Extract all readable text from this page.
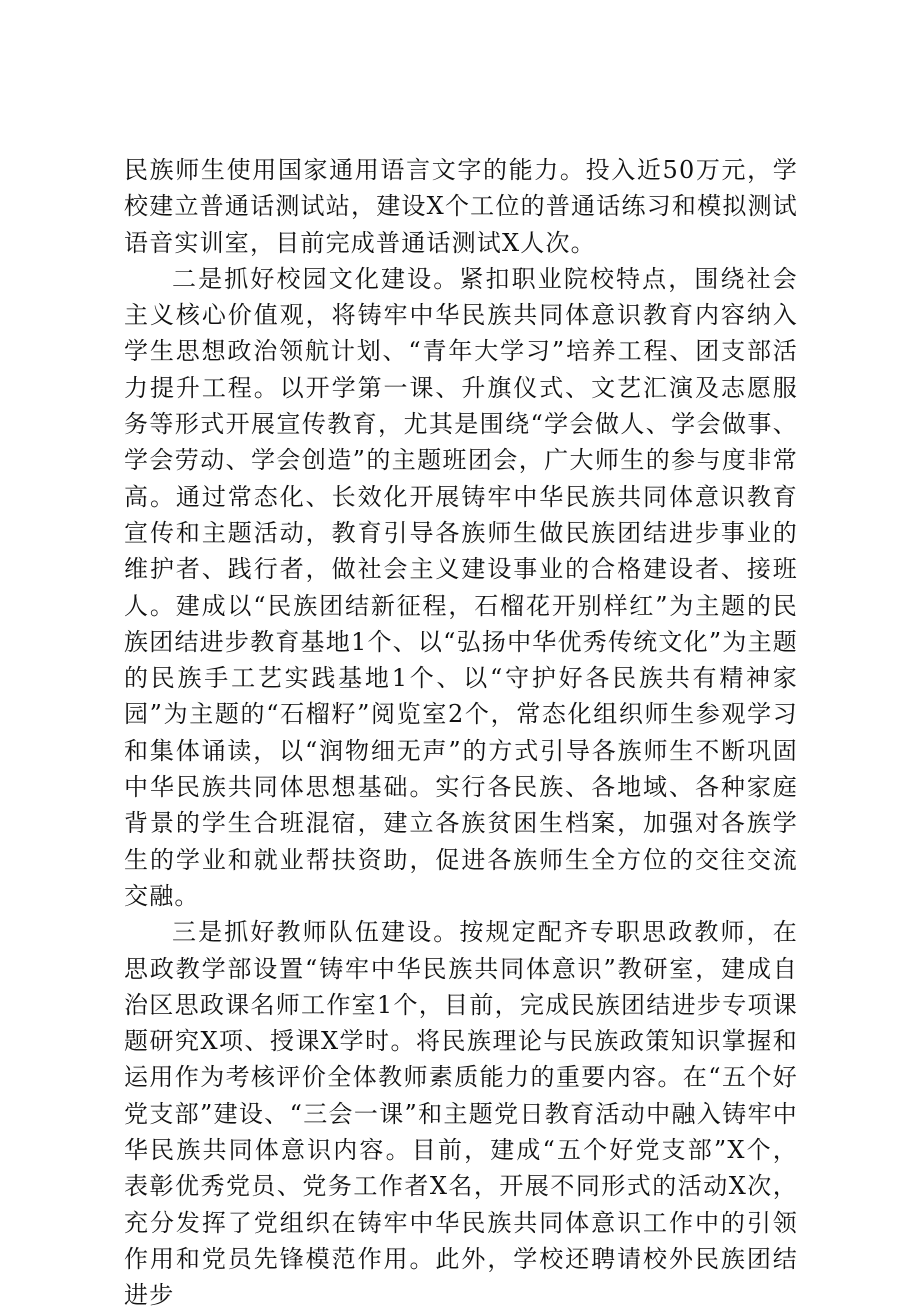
民族师生使用国家通用语言文字的能力。投入近50万元，学校建立普通话测试站，建设X个工位的普通话练习和模拟测试语音实训室，目前完成普通话测试X人次。

二是抓好校园文化建设。紧扣职业院校特点，围绕社会主义核心价值观，将铸牢中华民族共同体意识教育内容纳入学生思想政治领航计划、“青年大学习”培养工程、团支部活力提升工程。以开学第一课、升旗仪式、文艺汇演及志愿服务等形式开展宣传教育，尤其是围绕“学会做人、学会做事、学会劳动、学会创造”的主题班团会，广大师生的参与度非常高。通过常态化、长效化开展铸牢中华民族共同体意识教育宣传和主题活动，教育引导各族师生做民族团结进步事业的维护者、践行者，做社会主义建设事业的合格建设者、接班人。建成以“民族团结新征程，石榴花开别样红”为主题的民族团结进步教育基地1个、以“弘扬中华优秀传统文化”为主题的民族手工艺实践基地1个、以“守护好各民族共有精神家园”为主题的“石榴籽”阅览室2个，常态化组织师生参观学习和集体诵读，以“润物细无声”的方式引导各族师生不断巩固中华民族共同体思想基础。实行各民族、各地域、各种家庭背景的学生合班混宿，建立各族贫困生档案，加强对各族学生的学业和就业帮扶资助，促进各族师生全方位的交往交流交融。

三是抓好教师队伍建设。按规定配齐专职思政教师，在思政教学部设置“铸牢中华民族共同体意识”教研室，建成自治区思政课名师工作室1个，目前，完成民族团结进步专项课题研究X项、授课X学时。将民族理论与民族政策知识掌握和运用作为考核评价全体教师素质能力的重要内容。在“五个好党支部”建设、“三会一课”和主题党日教育活动中融入铸牢中华民族共同体意识内容。目前，建成“五个好党支部”X个，表彰优秀党员、党务工作者X名，开展不同形式的活动X次，充分发挥了党组织在铸牢中华民族共同体意识工作中的引领作用和党员先锋模范作用。此外，学校还聘请校外民族团结进步
